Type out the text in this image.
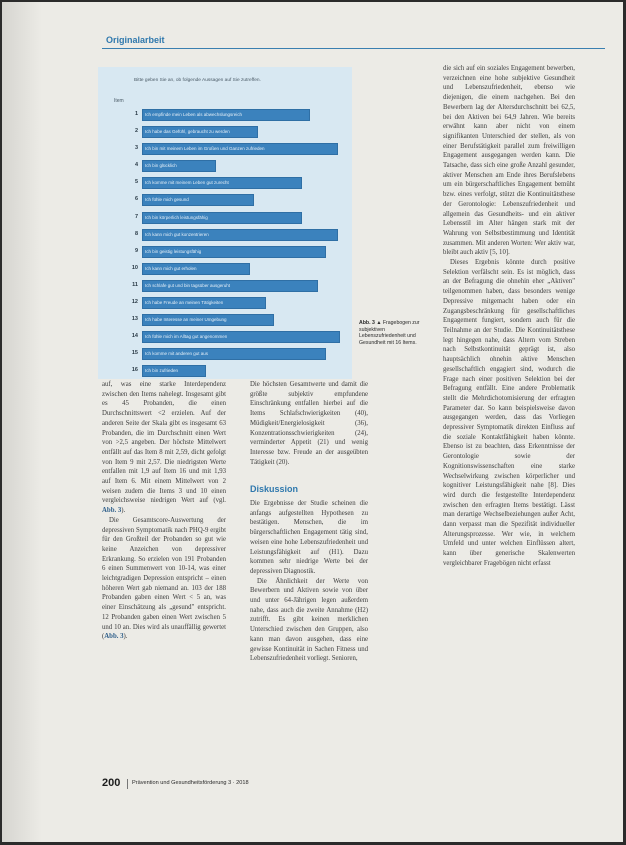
Originalarbeit
Bitte geben Sie an, ob folgende Aussagen auf Sie zutreffen.
Item
1 Ich empfinde mein Leben als abwechslungsreich
2 Ich habe das Gefühl, gebraucht zu werden
3 Ich bin mit meinem Leben im Großen und Ganzen zufrieden
4 Ich bin glücklich
5 Ich komme mit meinem Leben gut zurecht
6 Ich fühle mich gesund
7 Ich bin körperlich leistungsfähig
8 Ich kann mich gut konzentrieren
9 Ich bin geistig leistungsfähig
10 Ich kann mich gut erholen
11 Ich schlafe gut und bin tagsüber ausgeruht
12 Ich habe Freude an meinen Tätigkeiten
13 Ich habe Interesse an meiner Umgebung
14 Ich fühle mich im Alltag gut angenommen
15 Ich komme mit anderen gut aus
16 Ich bin zufrieden
Abb. 3 ▲ Fragebogen zur subjektiven Lebenszufriedenheit und Gesundheit mit 16 Items.

auf, was eine starke Interdependenz zwischen den Items nahelegt. Insgesamt gibt es 45 Probanden, die einen Durchschnittswert <2 erzielen. Auf der anderen Seite der Skala gibt es insgesamt 63 Probanden, die im Durchschnitt einen Wert von >2,5 angeben. Der höchste Mittelwert entfällt auf das Item 8 mit 2,59, dicht gefolgt von Item 9 mit 2,57. Die niedrigsten Werte entfallen mit 1,9 auf Item 16 und mit 1,93 auf Item 6. Mit einem Mittelwert von 2 weisen zudem die Items 3 und 10 einen vergleichsweise niedrigen Wert auf (vgl. Abb. 3).

Die Gesamtscore-Auswertung der depressiven Symptomatik nach PHQ-9 ergibt für den Großteil der Probanden so gut wie keine Anzeichen von depressiver Erkrankung. So erzielen von 191 Probanden 6 einen Summenwert von 10-14, was einer leichtgradigen Depression entspricht – einen höheren Wert gab niemand an. 103 der 188 Probanden gaben einen Wert < 5 an, was einer Einschätzung als „gesund" entspricht. 12 Probanden gaben einen Wert zwischen 5 und 10 an. Dies wird als unauffällig gewertet (Abb. 3).

Die höchsten Gesamtwerte und damit die größte subjektiv empfundene Einschränkung entfallen hierbei auf die Items Schlafschwierigkeiten (40), Müdigkeit/Energielosigkeit (36), Konzentrationsschwierigkeiten (24), verminderter Appetit (21) und wenig Interesse bzw. Freude an der ausgeübten Tätigkeit (20).

Diskussion

Die Ergebnisse der Studie scheinen die anfangs aufgestellten Hypothesen zu bestätigen. Menschen, die im bürgerschaftlichen Engagement tätig sind, weisen eine hohe Lebenszufriedenheit und Leistungsfähigkeit auf (H1). Dazu kommen sehr niedrige Werte bei der depressiven Diagnostik.

Die Ähnlichkeit der Werte von Bewerbern und Aktiven sowie von über und unter 64-Jährigen legen außerdem nahe, dass auch die zweite Annahme (H2) zutrifft. Es gibt keinen merklichen Unterschied zwischen den Gruppen, also kann man davon ausgehen, dass eine gewisse Kontinuität in Sachen Fitness und Lebenszufriedenheit vorliegt. Senioren,

die sich auf ein soziales Engagement bewerben, verzeichnen eine hohe subjektive Gesundheit und Lebenszufriedenheit, ebenso wie diejenigen, die einem nachgehen. Bei den Bewerbern lag der Altersdurchschnitt bei 62,5, bei den Aktiven bei 64,9 Jahren. Wie bereits erwähnt kann aber nicht von einem signifikanten Unterschied der stellen, als von einer Berufstätigkeit parallel zum freiwilligen Engagement ausgegangen werden kann. Die Tatsache, dass sich eine große Anzahl gesunder, aktiver Menschen am Ende ihres Berufslebens um ein bürgerschaftliches Engagement bemüht bzw. eines verfolgt, stützt die Kontinuitätsthese der Gerontologie: Lebenszufriedenheit und allgemein das Gesundheits- und ein aktiver Lebensstil im Alter hängen stark mit der Wahrung von Selbstbestimmung und Identität zusammen. Mit anderen Worten: Wer aktiv war, bleibt auch aktiv [5, 10].

Dieses Ergebnis könnte durch positive Selektion verfälscht sein. Es ist möglich, dass an der Befragung die ohnehin eher „Aktiven" teilgenommen haben, dass besonders wenige Depressive mitgemacht haben oder ein Zugangsbeschränkung für gesellschaftliches Engagement fungiert, sondern auch für die Teilnahme an der Studie. Die Kontinuitätsthese legt hingegen nahe, dass Altern vom Streben nach Selbstkontinuität geprägt ist, also hauptsächlich ohnehin aktive Menschen gesellschaftlich engagiert sind, wodurch die Frage nach einer positiven Selektion bei der Befragung entfällt. Eine andere Problematik stellt die Mehrdichotomisierung der erfragten Parameter dar. So kann beispielsweise davon ausgegangen werden, dass das Vorliegen depressiver Symptomatik direkten Einfluss auf die soziale Kontaktfähigkeit haben könnte. Ebenso ist zu beachten, dass Erkenntnisse der Gerontologie sowie der Kognitionswissenschaften eine starke Wechselwirkung zwischen körperlicher und kognitiver Leistungsfähigkeit nahe [8]. Dies wird durch die festgestellte Interdependenz zwischen den erfragten Items bestätigt. Lässt man derartige Wechselbeziehungen außer Acht, dann verpasst man die Spezifität individueller Alterungsprozesse. Wer wie, in welchem Umfeld und unter welchen Einflüssen altert, kann über generische Skalenwerten vergleichbarer Fragebögen nicht erfasst

200 Prävention und Gesundheitsförderung 3 · 2018
